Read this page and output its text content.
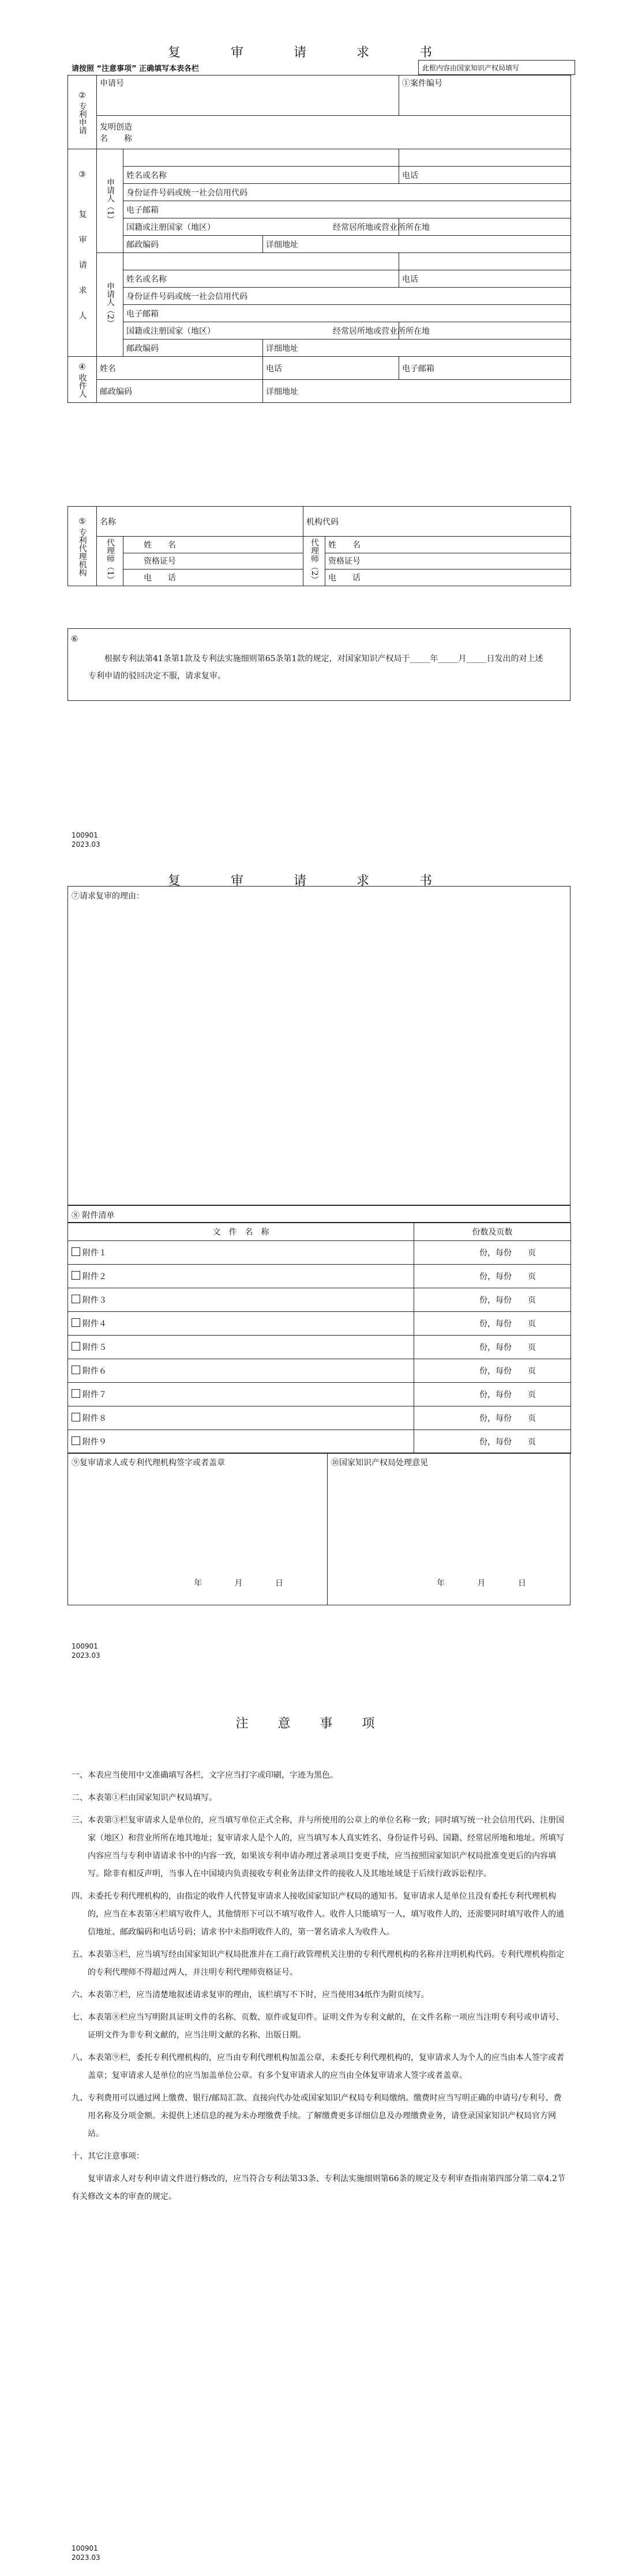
复 审 请 求 书
请按照 “注意事项” 正确填写本表各栏	此框内容由国家知识产权局填写
②
专利申请	申请号			①案件编号

	发明创造
名　　称			

③
复审请求人	申请人（1）			

		姓名或名称		电话
		身份证件号码或统一社会信用代码		
		电子邮箱		
		国籍或注册国家（地区）		经常居所地或营业所所在地
		邮政编码	详细地址	

	申请人（2）			

		姓名或名称		电话
		身份证件号码或统一社会信用代码		
		电子邮箱		
		国籍或注册国家（地区）		经常居所地或营业所所在地
		邮政编码	详细地址	

④
收件人	姓名		电话	电子邮箱
	邮政编码		详细地址	
⑤
专利代理机构	名称		机构代码	

	代理师（1）	姓　　名	代理师（2）	姓　　名
		资格证号		资格证号
		电　　话		电　　话
⑥
根据专利法第41条第1款及专利法实施细则第65条第1款的规定，对国家知识产权局于_____年_____月_____日发出的对上述专利申请的驳回决定不服，请求复审。
100901
2023.03
复 审 请 求 书
⑦请求复审的理由：
⑧ 附件清单
文　件　名　称	份数及页数
附件１	份，每份　　页
附件２	份，每份　　页
附件３	份，每份　　页
附件４	份，每份　　页
附件５	份，每份　　页
附件６	份，每份　　页
附件７	份，每份　　页
附件８	份，每份　　页
附件９	份，每份　　页
⑨复审请求人或专利代理机构签字或者盖章
年 月 日
⑩国家知识产权局处理意见
年 月 日
100901
2023.03
注 意 事 项

一、本表应当使用中文准确填写各栏，文字应当打字或印刷，字迹为黑色。

二、本表第①栏由国家知识产权局填写。

三、本表第③栏复审请求人是单位的，应当填写单位正式全称，并与所使用的公章上的单位名称一致；同时填写统一社会信用代码、注册国家（地区）和营业所所在地其地址；复审请求人是个人的，应当填写本人真实姓名、身份证件号码、国籍、经常居所地和地址。所填写内容应当与专利申请请求书中的内容一致，如果该专利申请办理过著录项目变更手续，应当按照国家知识产权局批准变更后的内容填写。除非有相反声明，当事人在中国境内负责接收专利业务法律文件的接收人及其地址域是于后续行政诉讼程序。

四、未委托专利代理机构的，由指定的收件人代替复审请求人接收国家知识产权局的通知书。复审请求人是单位且没有委托专利代理机构的，应当在本表第④栏填写收件人，其他情形下可以不填写收件人。收件人只能填写一人，填写收件人的，还需要同时填写收件人的通信地址、邮政编码和电话号码；请求书中未指明收件人的，第一署名请求人为收件人。

五、本表第⑤栏，应当填写经由国家知识产权局批准并在工商行政管理机关注册的专利代理机构的名称并注明机构代码。专利代理机构指定的专利代理师不得超过两人，并注明专利代理师资格证号。

六、本表第⑦栏，应当清楚地叙述请求复审的理由，该栏填写不下时，应当使用34纸作为附页续写。

七、本表第⑧栏应当写明附具证明文件的名称、页数、原件或复印件。证明文件为专利文献的，在文件名称一项应当注明专利号或申请号、证明文件为非专利文献的，应当注明文献的名称、出版日期。

八、本表第⑨栏，委托专利代理机构的，应当由专利代理机构加盖公章，未委托专利代理机构的，复审请求人为个人的应当由本人签字或者盖章；复审请求人是单位的应当加盖单位公章。有多个复审请求人的应当由全体复审请求人签字或者盖章。

九、专利费用可以通过网上缴费、银行/邮局汇款、直接向代办处或国家知识产权局专利局缴纳。缴费时应当写明正确的申请号/专利号、费用名称及分项金额。未提供上述信息的视为未办理缴费手续。了解缴费更多详细信息及办理缴费业务，请登录国家知识产权局官方网站。

十、其它注意事项：

复审请求人对专利申请文件进行修改的，应当符合专利法第33条、专利法实施细则第66条的规定及专利审查指南第四部分第二章4.2节有关修改文本的审查的规定。

100901
2023.03
